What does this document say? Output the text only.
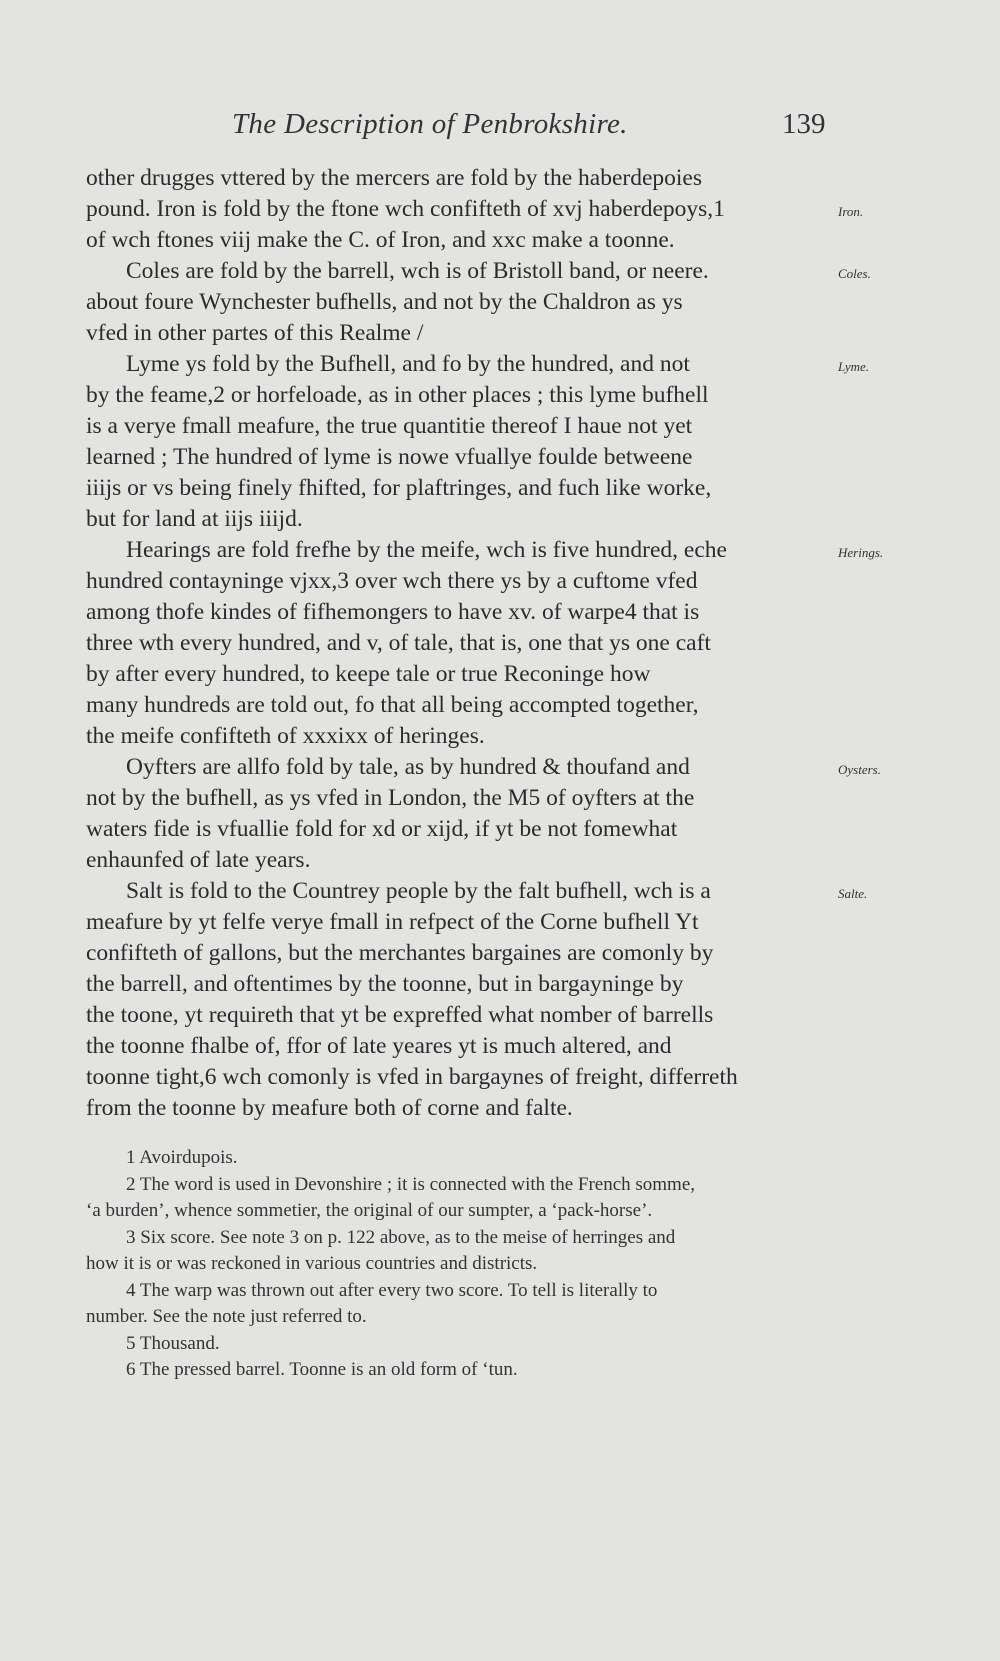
The Description of Penbrokshire.	139
other drugges vttered by the mercers are fold by the haberdepoies
pound. Iron is fold by the ftone wch confifteth of xvj haberdepoys,1	Iron.
of wch ftones viij make the C. of Iron, and xxc make a toonne.
Coles are fold by the barrell, wch is of Bristoll band, or neere.	Coles.
about foure Wynchester bufhells, and not by the Chaldron as ys
vfed in other partes of this Realme /
Lyme ys fold by the Bufhell, and fo by the hundred, and not	Lyme.
by the feame,2 or horfeloade, as in other places ; this lyme bufhell
is a verye fmall meafure, the true quantitie thereof I haue not yet
learned ; The hundred of lyme is nowe vfuallye foulde betweene
iiijs or vs being finely fhifted, for plaftringes, and fuch like worke,
but for land at iijs iiijd.
Hearings are fold frefhe by the meife, wch is five hundred, eche	Herings.
hundred contayninge vjxx,3 over wch there ys by a cuftome vfed
among thofe kindes of fifhemongers to have xv. of warpe4 that is
three wth every hundred, and v, of tale, that is, one that ys one caft
by after every hundred, to keepe tale or true Reconinge how
many hundreds are told out, fo that all being accompted together,
the meife confifteth of xxxixx of heringes.
Oyfters are allfo fold by tale, as by hundred & thoufand and	Oysters.
not by the bufhell, as ys vfed in London, the M5 of oyfters at the
waters fide is vfuallie fold for xd or xijd, if yt be not fomewhat
enhaunfed of late years.
Salt is fold to the Countrey people by the falt bufhell, wch is a	Salte.
meafure by yt felfe verye fmall in refpect of the Corne bufhell Yt
confifteth of gallons, but the merchantes bargaines are comonly by
the barrell, and oftentimes by the toonne, but in bargayninge by
the toone, yt requireth that yt be expreffed what nomber of barrells
the toonne fhalbe of, ffor of late yeares yt is much altered, and
toonne tight,6 wch comonly is vfed in bargaynes of freight, differreth
from the toonne by meafure both of corne and falte.
1 Avoirdupois.
2 The word is used in Devonshire ; it is connected with the French somme,
‘a burden’, whence sommetier, the original of our sumpter, a ‘pack-horse’.
3 Six score. See note 3 on p. 122 above, as to the meise of herringes and
how it is or was reckoned in various countries and districts.
4 The warp was thrown out after every two score. To tell is literally to
number. See the note just referred to.
5 Thousand.
6 The pressed barrel. Toonne is an old form of ‘tun.
